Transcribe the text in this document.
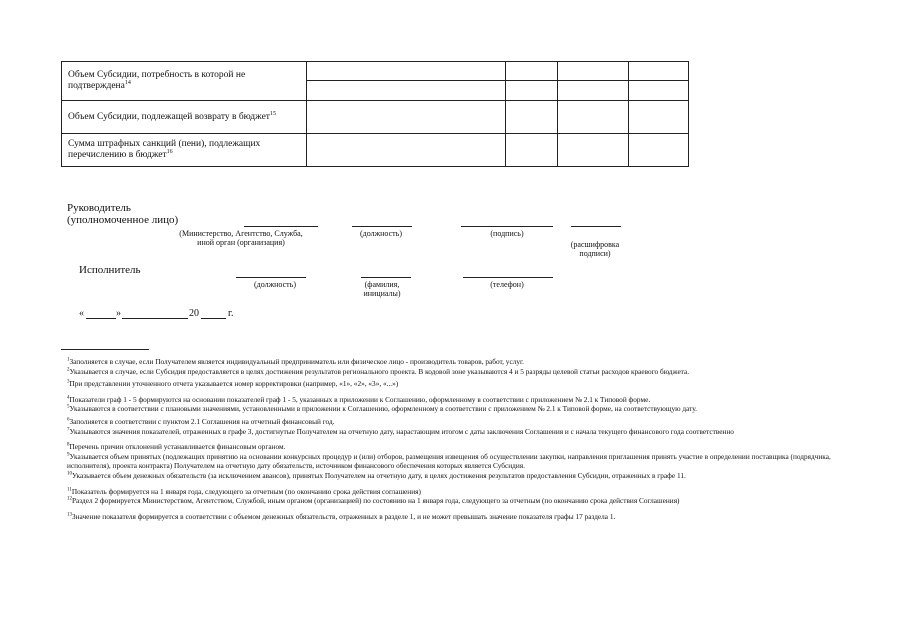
Объем Субсидии, потребность в которой не подтверждена$^{14}$				

Объем Субсидии, подлежащей возврату в бюджет$^{15}$				
Сумма штрафных санкций (пени), подлежащих перечислению в бюджет$^{16}$				
Руководитель
(уполномоченное лицо)
(Министерство, Агентство, Служба, иной орган (организация)
(должность)	(подпись)
(расшифровка подписи)
Исполнитель
(должность)	(фамилия, инициалы)
(телефон)
«	»	20	г.

$^1$Заполняется в случае, если Получателем является индивидуальный предприниматель или физическое лицо - производитель товаров, работ, услуг.

$^2$Указывается в случае, если Субсидия предоставляется в целях достижения результатов регионального проекта. В кодовой зоне указываются 4 и 5 разряды целевой статьи расходов краевого бюджета.

$^3$При представлении уточненного отчета указывается номер корректировки (например, «1», «2», «3», «...»)

$^4$Показатели граф 1 - 5 формируются на основании показателей граф 1 - 5, указанных в приложении к Соглашению, оформленному в соответствии с приложением № 2.1 к Типовой форме.

$^5$Указываются в соответствии с плановыми значениями, установленными в приложении к Соглашению, оформленному в соответствии с приложением № 2.1 к Типовой форме, на соответствующую дату.

$^6$Заполняется в соответствии с пунктом 2.1 Соглашения на отчетный финансовый год.

$^7$Указываются значения показателей, отраженных в графе 3, достигнутые Получателем на отчетную дату, нарастающим итогом с даты заключения Соглашения и с начала текущего финансового года соответственно

$^8$Перечень причин отклонений устанавливается финансовым органом.

$^9$Указывается объем принятых (подлежащих принятию на основании конкурсных процедур и (или) отборов, размещения извещения об осуществлении закупки, направления приглашения принять участие в определении поставщика (подрядчика, исполнителя), проекта контракта) Получателем на отчетную дату обязательств, источником финансового обеспечения которых является Субсидия.

$^{10}$Указывается объем денежных обязательств (за исключением авансов), принятых Получателем на отчетную дату, в целях достижения результатов предоставления Субсидии, отраженных в графе 11.

$^{11}$Показатель формируется на 1 января года, следующего за отчетным (по окончанию срока действия соглашения)

$^{12}$Раздел 2 формируется Министерством, Агентством, Службой, иным органом (организацией) по состоянию на 1 января года, следующего за отчетным (по окончанию срока действия Соглашения)

$^{13}$Значение показателя формируется в соответствии с объемом денежных обязательств, отраженных в разделе 1, и не может превышать значение показателя графы 17 раздела 1.
